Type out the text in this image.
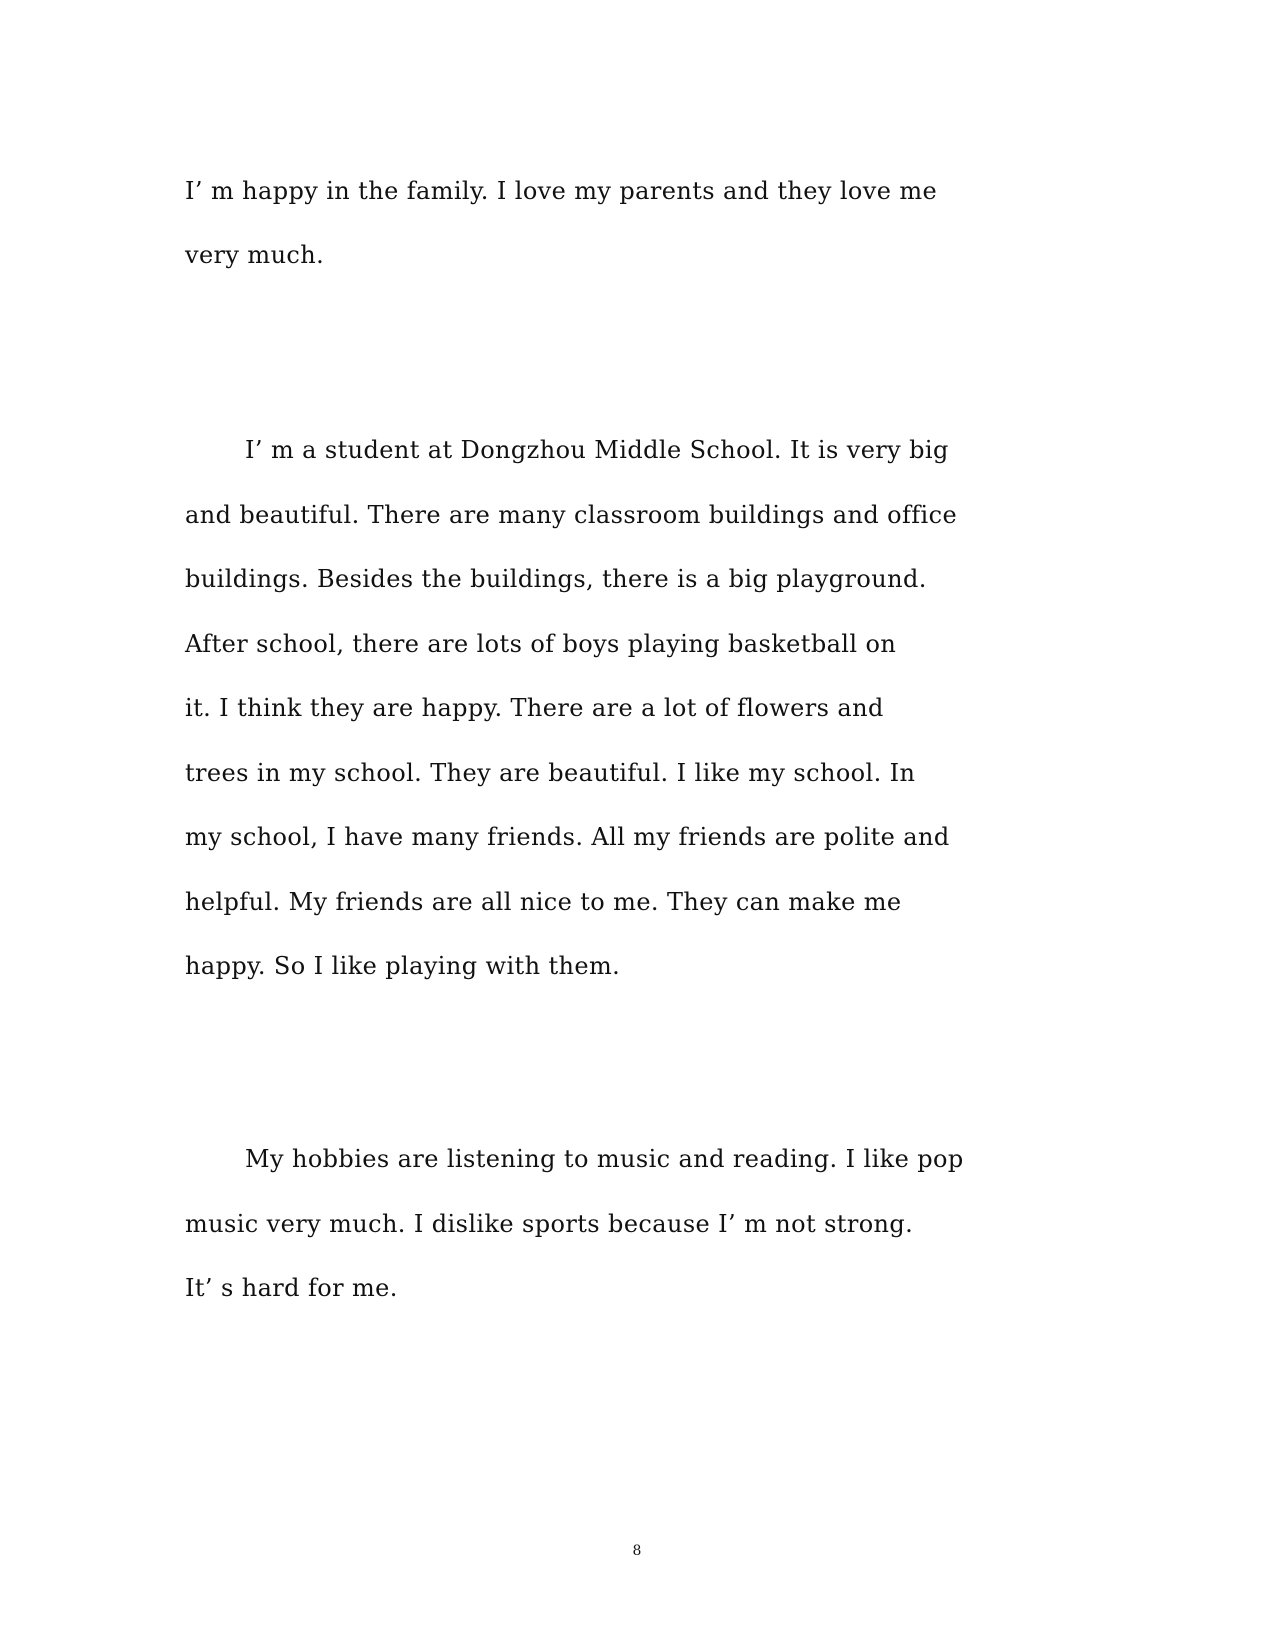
I’ m happy in the family. I love my parents and they love me
very much.
I’ m a student at Dongzhou Middle School. It is very big
and beautiful. There are many classroom buildings and office
buildings. Besides the buildings, there is a big playground.
After school, there are lots of boys playing basketball on
it. I think they are happy. There are a lot of flowers and
trees in my school. They are beautiful. I like my school. In
my school, I have many friends. All my friends are polite and
helpful. My friends are all nice to me. They can make me
happy. So I like playing with them.
My hobbies are listening to music and reading. I like pop
music very much. I dislike sports because I’ m not strong.
It’ s hard for me.
8
